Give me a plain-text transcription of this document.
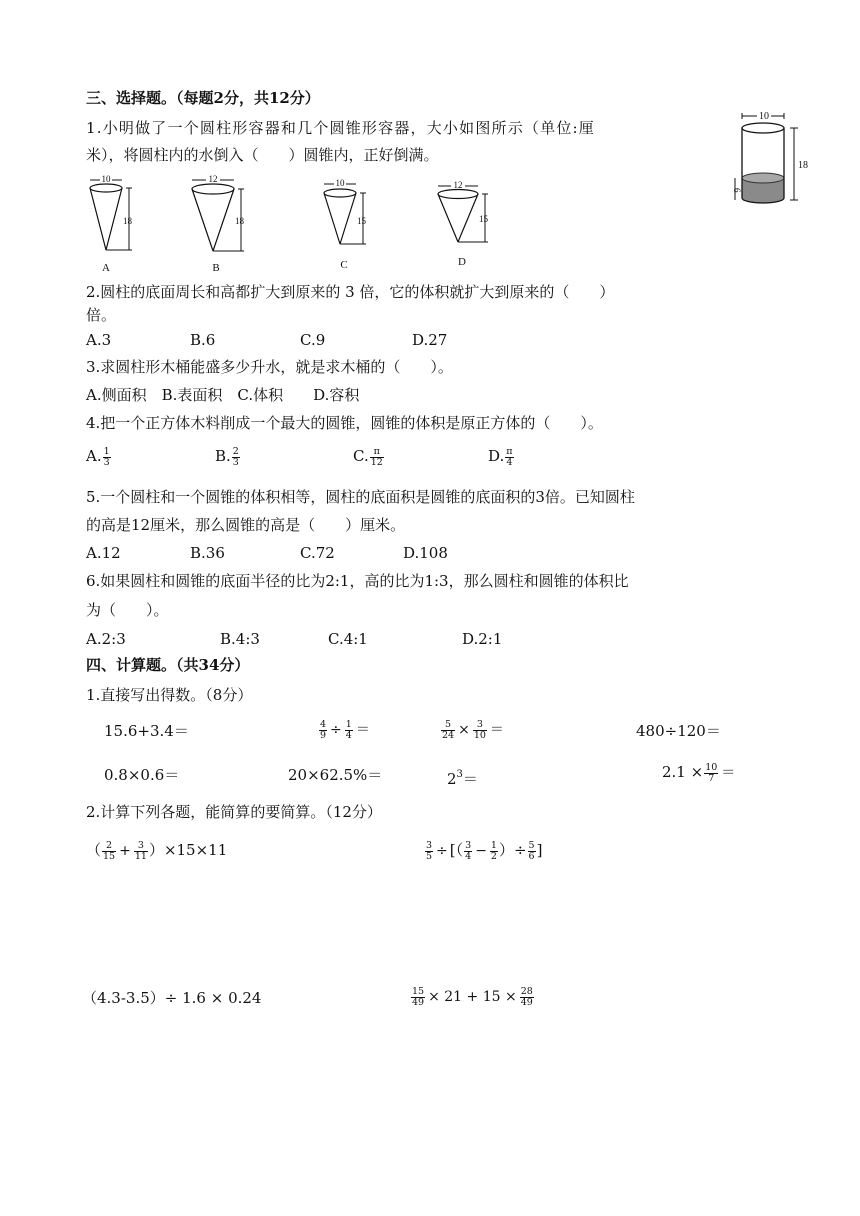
三、选择题。（每题2分，共12分）
1.小明做了一个圆柱形容器和几个圆锥形容器，大小如图所示（单位:厘
米），将圆柱内的水倒入（　　）圆锥内，正好倒满。
10
18
6
10
18
A
12
18
B
10
15
C
12
15
D
2.圆柱的底面周长和高都扩大到原来的 3 倍，它的体积就扩大到原来的（　　）
倍。
A.3	B.6	C.9	D.27
3.求圆柱形木桶能盛多少升水，就是求木桶的（　　）。
A.侧面积　B.表面积　C.体积　　D.容积
4.把一个正方体木料削成一个最大的圆锥，圆锥的体积是原正方体的（　　）。
A. $\frac{1}{3}$	B. $\frac{2}{3}$	C. $\frac{\pi}{12}$	D. $\frac{\pi}{4}$
5.一个圆柱和一个圆锥的体积相等，圆柱的底面积是圆锥的底面积的3倍。已知圆柱
的高是12厘米，那么圆锥的高是（　　）厘米。
A.12	B.36	C.72	D.108
6.如果圆柱和圆锥的底面半径的比为2:1，高的比为1:3，那么圆柱和圆锥的体积比
为（　　）。
A.2:3	B.4:3	C.4:1	D.2:1
四、计算题。（共34分）
1.直接写出得数。（8分）
15.6+3.4＝	$\frac{4}{9} \div \frac{1}{4}$ ＝	$\frac{5}{24} \times \frac{3}{10}$ ＝	480÷120＝
0.8×0.6＝	20×62.5%＝	$2^3=$	$2.1 \times \frac{10}{7}$ ＝
2.计算下列各题，能简算的要简算。（12分）
（ $\frac{2}{15} + \frac{3}{11} )\times 15\times 11$	$\frac{3}{5}$ ÷ [（ $\frac{3}{4} - \frac{1}{2}$ ）÷ $\frac{5}{6}$ ]
（4.3-3.5）÷ 1.6 × 0.24	$\frac{15}{49} \times 21 + 15 \times \frac{28}{49}$
